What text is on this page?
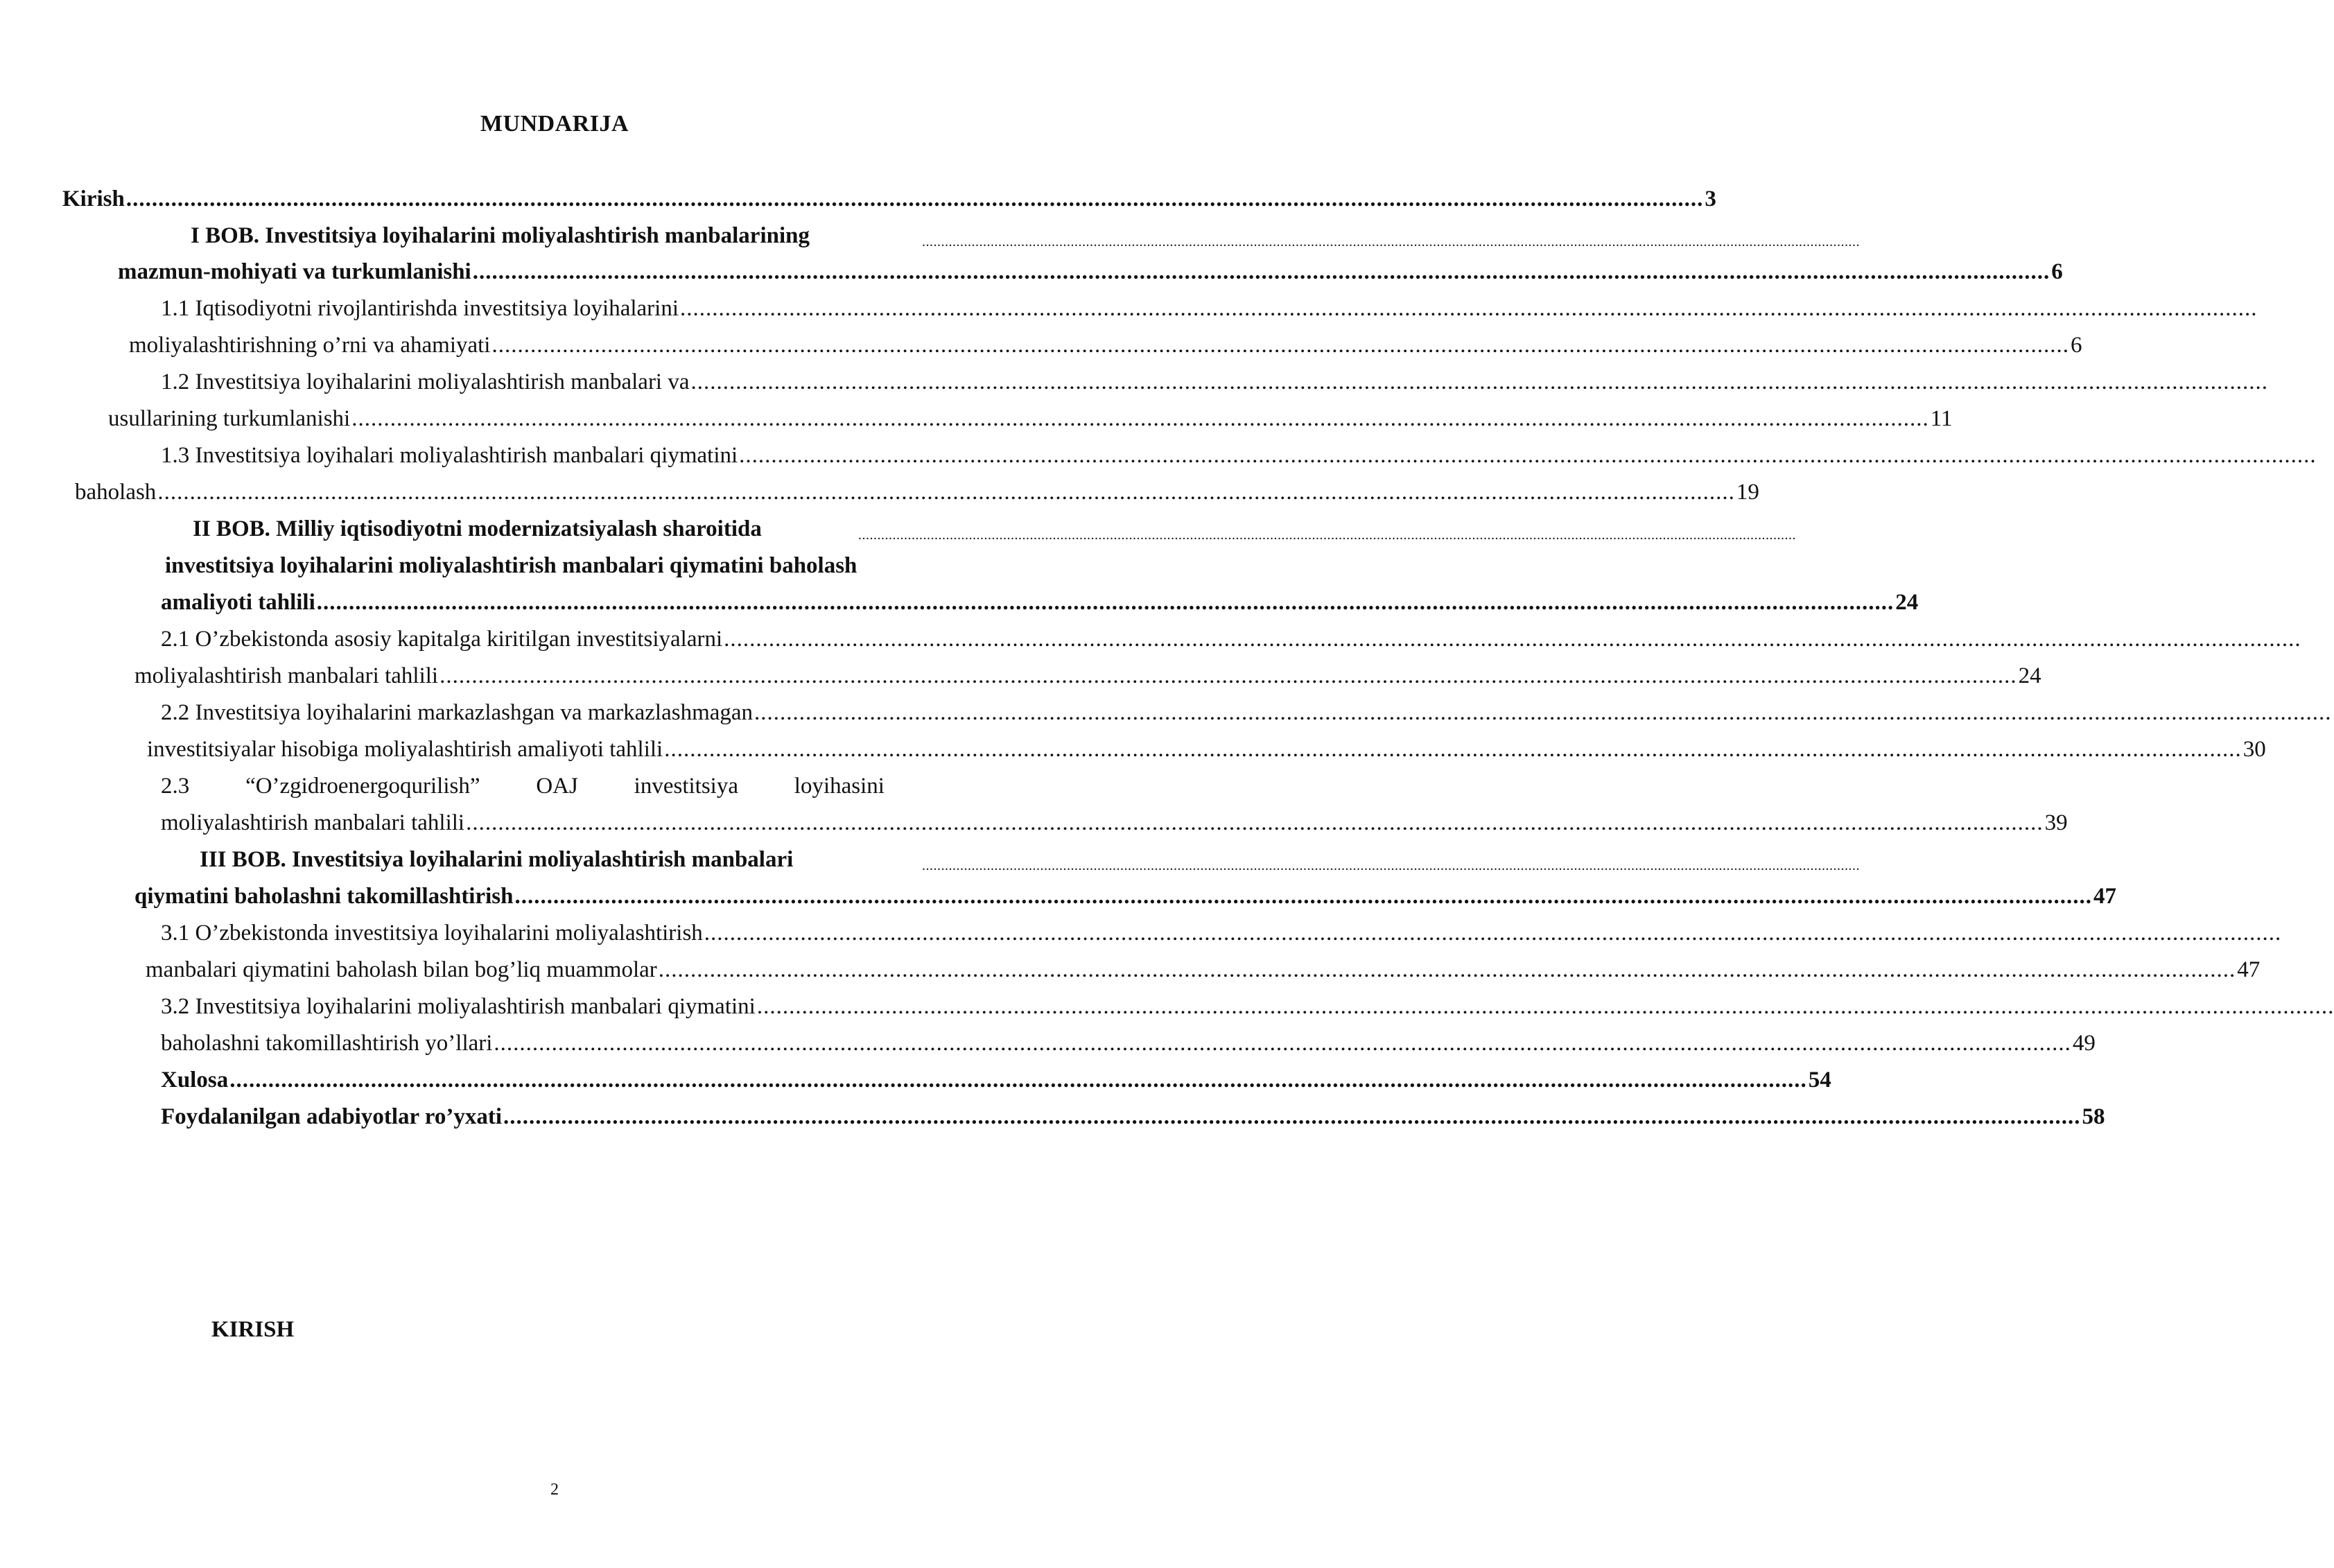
MUNDARIJA
Kirish ...................................................................................................................................................................................................................................................... 3
I BOB. Investitsiya loyihalarini moliyalashtirish manbalarining	......................................................................................................................................................................................................................................................
mazmun-mohiyati va turkumlanishi ...................................................................................................................................................................................................................................................... 6
1.1 Iqtisodiyotni rivojlantirishda investitsiya loyihalarini ......................................................................................................................................................................................................................................................
moliyalashtirishning o’rni va ahamiyati ...................................................................................................................................................................................................................................................... 6
1.2 Investitsiya loyihalarini moliyalashtirish manbalari va ......................................................................................................................................................................................................................................................
usullarining turkumlanishi ...................................................................................................................................................................................................................................................... 11
1.3 Investitsiya loyihalari moliyalashtirish manbalari qiymatini ......................................................................................................................................................................................................................................................
baholash ...................................................................................................................................................................................................................................................... 19
II BOB. Milliy iqtisodiyotni modernizatsiyalash sharoitida	......................................................................................................................................................................................................................................................
investitsiya loyihalarini moliyalashtirish manbalari qiymatini baholash
amaliyoti tahlili ...................................................................................................................................................................................................................................................... 24
2.1 O’zbekistonda asosiy kapitalga kiritilgan investitsiyalarni ......................................................................................................................................................................................................................................................
moliyalashtirish manbalari tahlili ...................................................................................................................................................................................................................................................... 24
2.2 Investitsiya loyihalarini markazlashgan va markazlashmagan ......................................................................................................................................................................................................................................................
investitsiyalar hisobiga moliyalashtirish amaliyoti tahlili ...................................................................................................................................................................................................................................................... 30
2.3 “O’zgidroenergoqurilish” OAJ investitsiya loyihasini
moliyalashtirish manbalari tahlili ...................................................................................................................................................................................................................................................... 39
III BOB. Investitsiya loyihalarini moliyalashtirish manbalari	......................................................................................................................................................................................................................................................
qiymatini baholashni takomillashtirish ...................................................................................................................................................................................................................................................... 47
3.1 O’zbekistonda investitsiya loyihalarini moliyalashtirish ......................................................................................................................................................................................................................................................
manbalari qiymatini baholash bilan bog’liq muammolar ...................................................................................................................................................................................................................................................... 47
3.2 Investitsiya loyihalarini moliyalashtirish manbalari qiymatini ......................................................................................................................................................................................................................................................
baholashni takomillashtirish yo’llari ...................................................................................................................................................................................................................................................... 49
Xulosa ...................................................................................................................................................................................................................................................... 54
Foydalanilgan adabiyotlar ro’yxati ...................................................................................................................................................................................................................................................... 58
KIRISH
2
